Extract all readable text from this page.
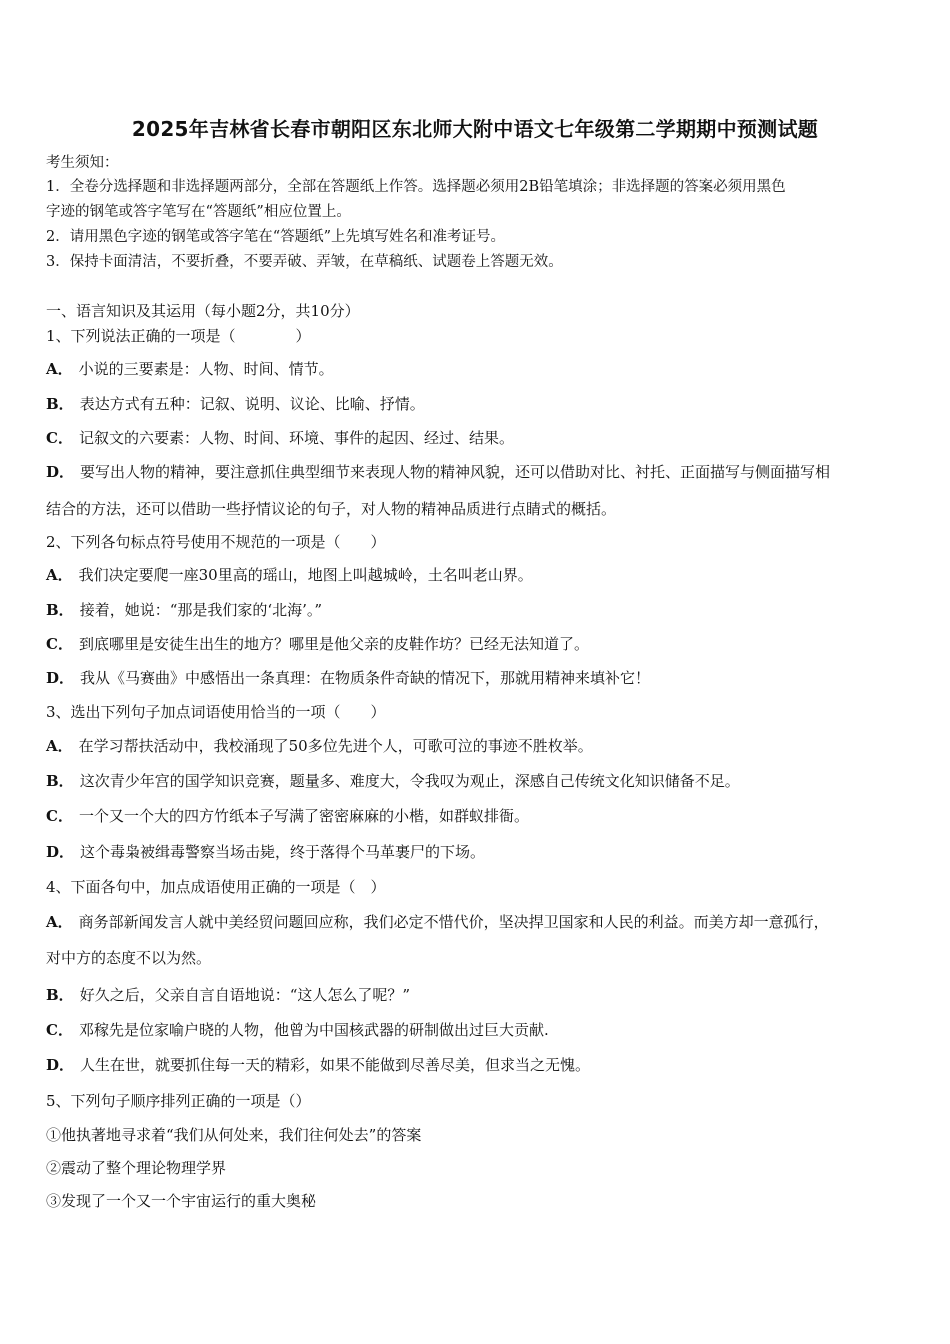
2025年吉林省长春市朝阳区东北师大附中语文七年级第二学期期中预测试题
考生须知：
1．全卷分选择题和非选择题两部分，全部在答题纸上作答。选择题必须用2B铅笔填涂；非选择题的答案必须用黑色
字迹的钢笔或答字笔写在“答题纸”相应位置上。
2．请用黑色字迹的钢笔或答字笔在“答题纸”上先填写姓名和准考证号。
3．保持卡面清洁，不要折叠，不要弄破、弄皱，在草稿纸、试题卷上答题无效。
一、语言知识及其运用（每小题2分，共10分）
1、下列说法正确的一项是（　　　　）
A． 小说的三要素是：人物、时间、情节。
B． 表达方式有五种：记叙、说明、议论、比喻、抒情。
C． 记叙文的六要素：人物、时间、环境、事件的起因、经过、结果。
D． 要写出人物的精神，要注意抓住典型细节来表现人物的精神风貌，还可以借助对比、衬托、正面描写与侧面描写相
结合的方法，还可以借助一些抒情议论的句子，对人物的精神品质进行点睛式的概括。
2、下列各句标点符号使用不规范的一项是（　　）
A． 我们决定要爬一座30里高的瑶山，地图上叫越城岭，土名叫老山界。
B． 接着，她说：“那是我们家的‘北海’。”
C． 到底哪里是安徒生出生的地方？哪里是他父亲的皮鞋作坊？已经无法知道了。
D． 我从《马赛曲》中感悟出一条真理：在物质条件奇缺的情况下，那就用精神来填补它！
3、选出下列句子加点词语使用恰当的一项（　　）
A． 在学习帮扶活动中，我校涌现了50多位先进个人，可歌可泣的事迹不胜枚举。
B． 这次青少年宫的国学知识竞赛，题量多、难度大，令我叹为观止，深感自己传统文化知识储备不足。
C． 一个又一个大的四方竹纸本子写满了密密麻麻的小楷，如群蚁排衙。
D． 这个毒枭被缉毒警察当场击毙，终于落得个马革裹尸的下场。
4、下面各句中，加点成语使用正确的一项是（　）
A． 商务部新闻发言人就中美经贸问题回应称，我们必定不惜代价，坚决捍卫国家和人民的利益。而美方却一意孤行，
对中方的态度不以为然。
B． 好久之后，父亲自言自语地说：“这人怎么了呢？”
C． 邓稼先是位家喻户晓的人物，他曾为中国核武器的研制做出过巨大贡献.
D． 人生在世，就要抓住每一天的精彩，如果不能做到尽善尽美，但求当之无愧。
5、下列句子顺序排列正确的一项是（）
①他执著地寻求着“我们从何处来，我们往何处去”的答案
②震动了整个理论物理学界
③发现了一个又一个宇宙运行的重大奥秘
